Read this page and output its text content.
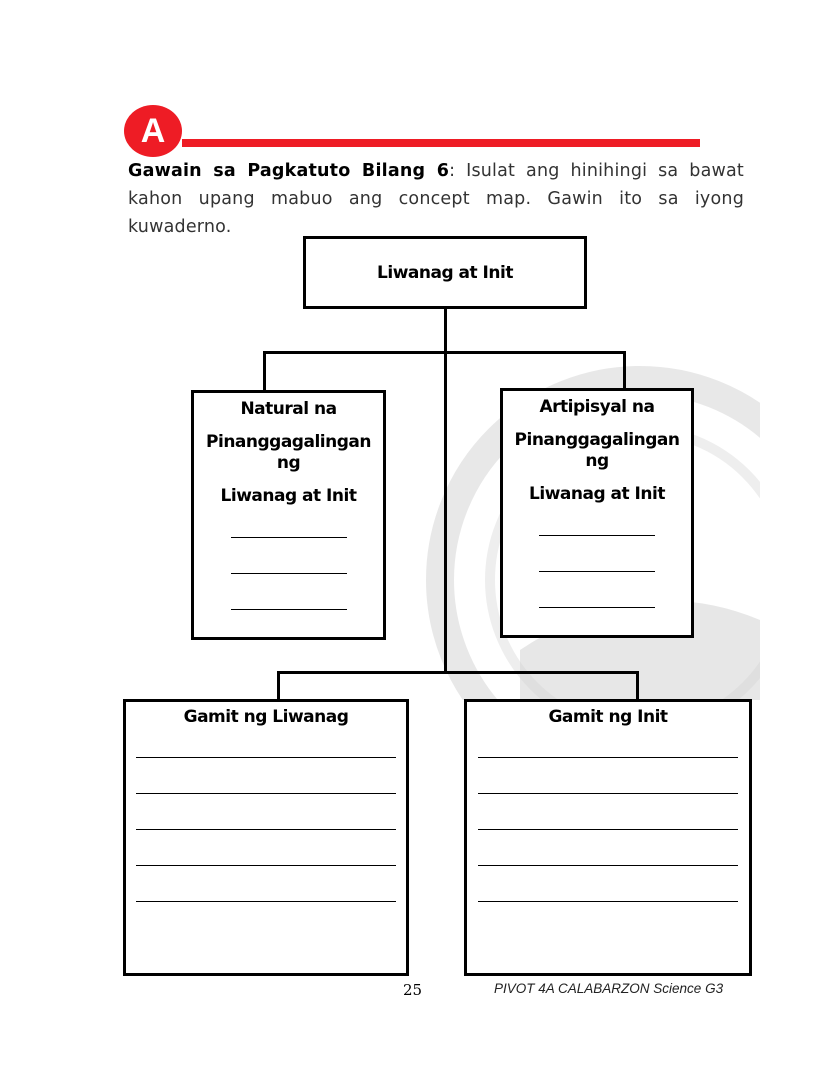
A
Gawain sa Pagkatuto Bilang 6: Isulat ang hinihingi sa bawat kahon upang mabuo ang concept map. Gawin ito sa iyong kuwaderno.
Liwanag at Init
Natural na
Pinanggagalingan
ng
Liwanag at Init
Artipisyal na
Pinanggagalingan
ng
Liwanag at Init
Gamit ng Liwanag	Gamit ng Init
25	PIVOT 4A CALABARZON Science G3
